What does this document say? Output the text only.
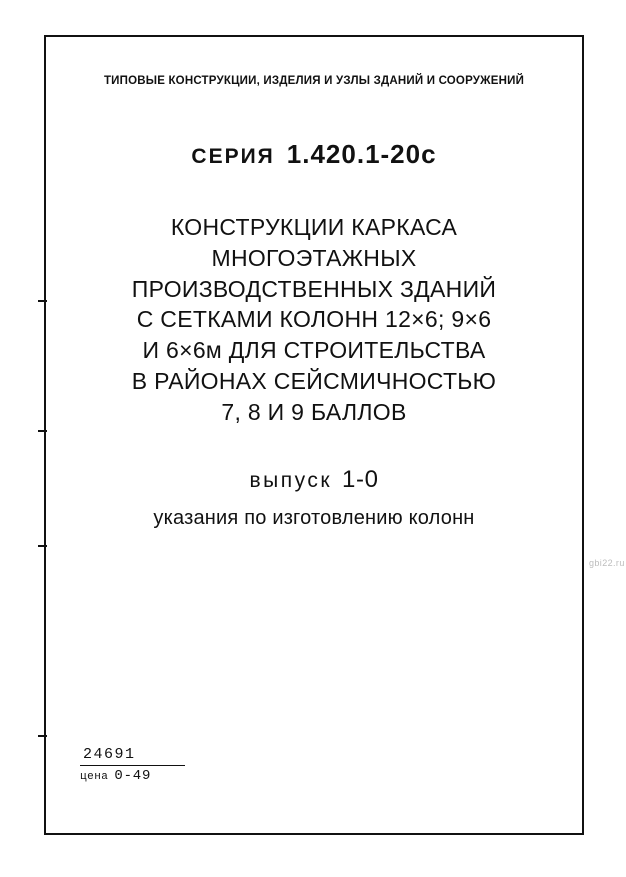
ТИПОВЫЕ КОНСТРУКЦИИ, ИЗДЕЛИЯ И УЗЛЫ ЗДАНИЙ И СООРУЖЕНИЙ
СЕРИЯ 1.420.1-20с
КОНСТРУКЦИИ КАРКАСА
МНОГОЭТАЖНЫХ
ПРОИЗВОДСТВЕННЫХ ЗДАНИЙ
С СЕТКАМИ КОЛОНН 12×6; 9×6
И 6×6м ДЛЯ СТРОИТЕЛЬСТВА
В РАЙОНАХ СЕЙСМИЧНОСТЬЮ
7, 8 И 9 БАЛЛОВ
выпуск 1-0
указания по изготовлению колонн
gbi22.ru
24691
цена 0-49
